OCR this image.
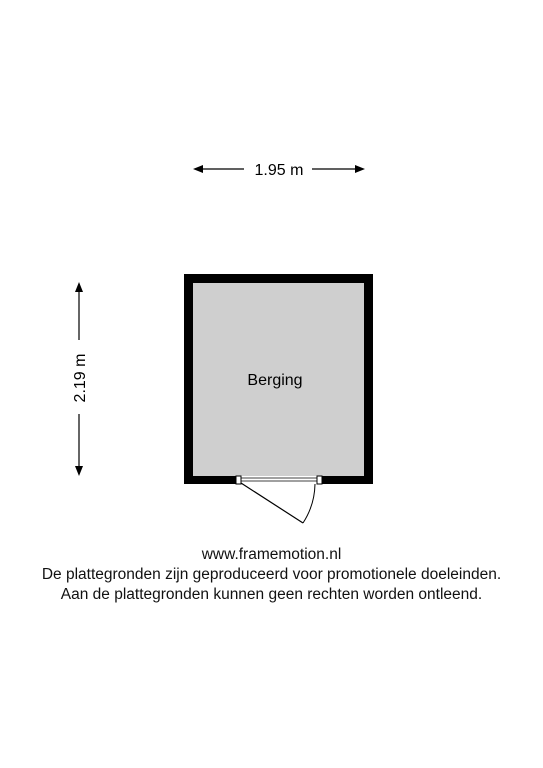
1.95 m
2.19 m	Berging
www.framemotion.nl
De plattegronden zijn geproduceerd voor promotionele doeleinden.
Aan de plattegronden kunnen geen rechten worden ontleend.
